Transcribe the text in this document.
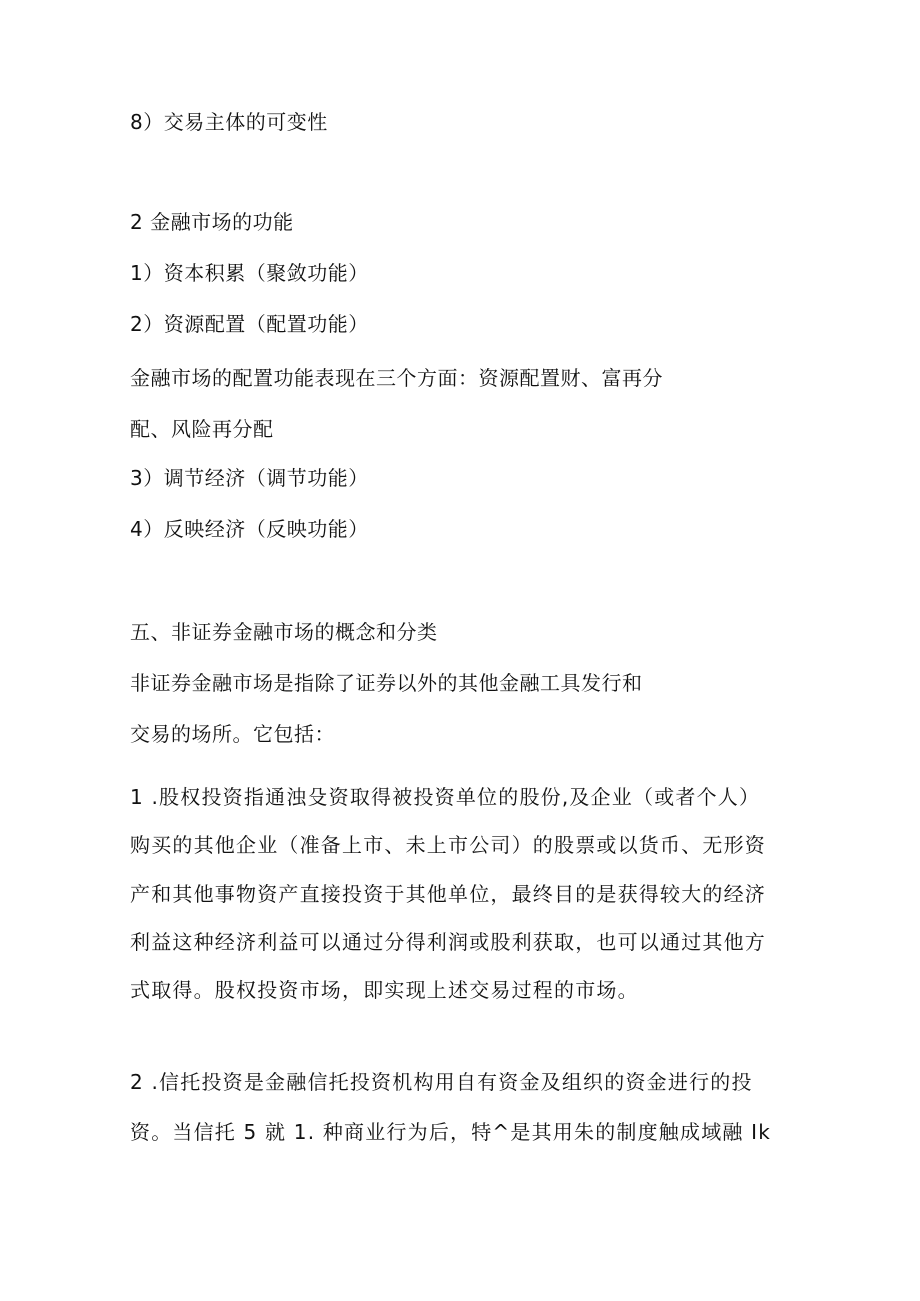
8）交易主体的可变性
2 金融市场的功能
1）资本积累（聚敛功能）
2）资源配置（配置功能）
金融市场的配置功能表现在三个方面：资源配置财、富再分
配、风险再分配
3）调节经济（调节功能）
4）反映经济（反映功能）
五、非证券金融市场的概念和分类
非证券金融市场是指除了证券以外的其他金融工具发行和
交易的场所。它包括：
1 .股权投资指通浊殳资取得被投资单位的股份,及企业（或者个人）
购买的其他企业（准备上市、未上市公司）的股票或以货币、无形资
产和其他事物资产直接投资于其他单位，最终目的是获得较大的经济
利益这种经济利益可以通过分得利润或股利获取，也可以通过其他方
式取得。股权投资市场，即实现上述交易过程的市场。
2 .信托投资是金融信托投资机构用自有资金及组织的资金进行的投
资。当信托 5 就 1. 种商业行为后，特^是其用朱的制度触成域融 Ik
